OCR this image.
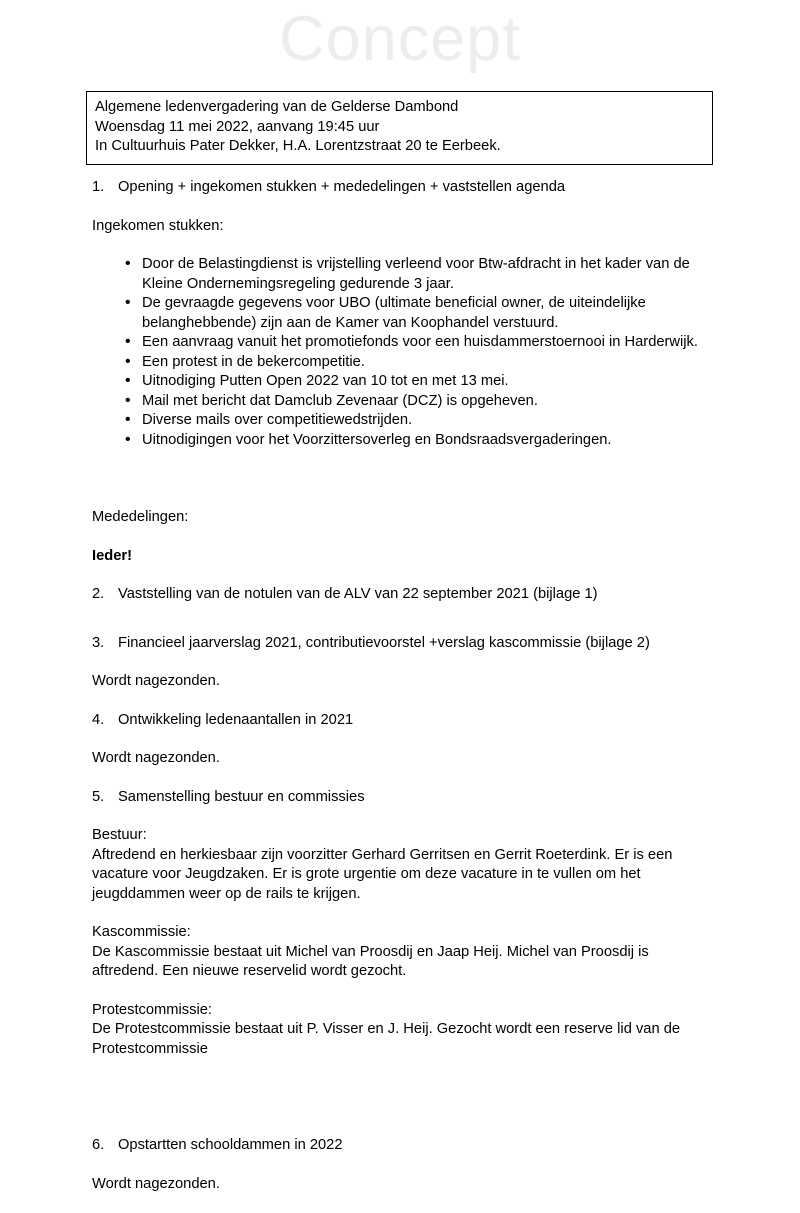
Concept
Algemene ledenvergadering van de Gelderse Dambond
Woensdag 11 mei 2022, aanvang 19:45 uur
In Cultuurhuis Pater Dekker, H.A. Lorentzstraat 20 te Eerbeek.
1. Opening + ingekomen stukken + mededelingen + vaststellen agenda
Ingekomen stukken:
• Door de Belastingdienst is vrijstelling verleend voor Btw-afdracht in het kader van de Kleine Ondernemingsregeling gedurende 3 jaar.
• De gevraagde gegevens voor UBO (ultimate beneficial owner, de uiteindelijke belanghebbende) zijn aan de Kamer van Koophandel verstuurd.
• Een aanvraag vanuit het promotiefonds voor een huisdammerstoernooi in Harderwijk.
• Een protest in de bekercompetitie.
• Uitnodiging Putten Open 2022 van 10 tot en met 13 mei.
• Mail met bericht dat Damclub Zevenaar (DCZ) is opgeheven.
• Diverse mails over competitiewedstrijden.
• Uitnodigingen voor het Voorzittersoverleg en Bondsraadsvergaderingen.
Mededelingen:
Ieder!
2. Vaststelling van de notulen van de ALV van 22 september 2021 (bijlage 1)
3. Financieel jaarverslag 2021, contributievoorstel +verslag kascommissie (bijlage 2)
Wordt nagezonden.
4. Ontwikkeling ledenaantallen in 2021
Wordt nagezonden.
5. Samenstelling bestuur en commissies
Bestuur:
Aftredend en herkiesbaar zijn voorzitter Gerhard Gerritsen en Gerrit Roeterdink. Er is een
vacature voor Jeugdzaken. Er is grote urgentie om deze vacature in te vullen om het
jeugddammen weer op de rails te krijgen.
Kascommissie:
De Kascommissie bestaat uit Michel van Proosdij en Jaap Heij. Michel van Proosdij is
aftredend. Een nieuwe reservelid wordt gezocht.
Protestcommissie:
De Protestcommissie bestaat uit P. Visser en J. Heij. Gezocht wordt een reserve lid van de
Protestcommissie
6. Opstartten schooldammen in 2022
Wordt nagezonden.
